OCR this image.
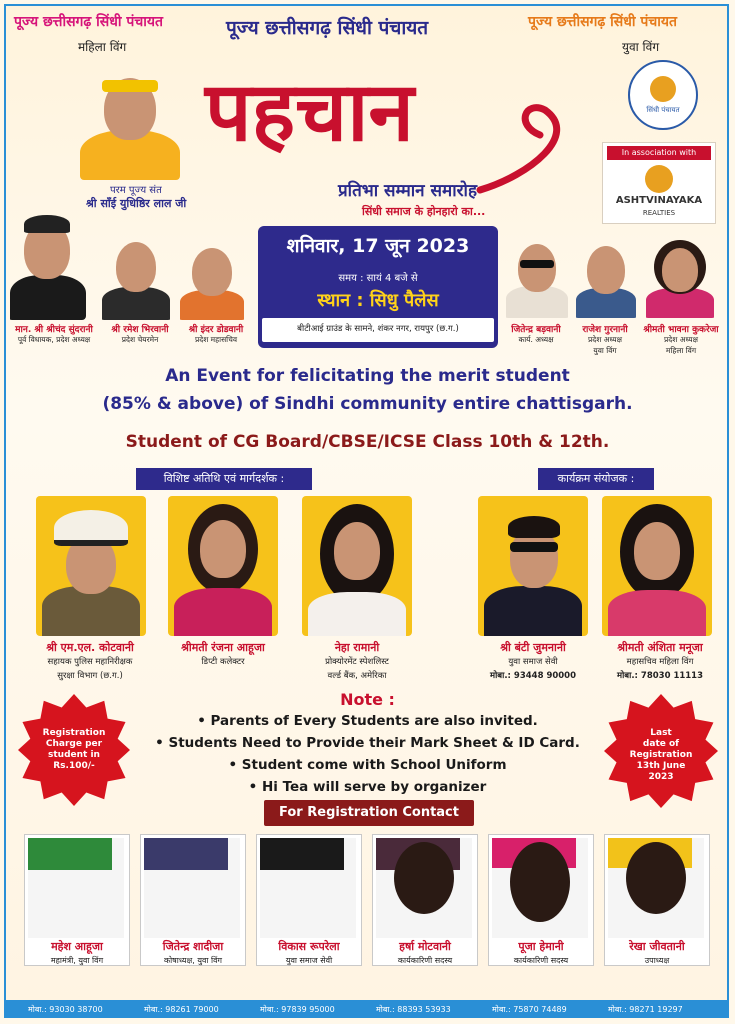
पूज्य छत्तीसगढ़ सिंधी पंचायत
महिला विंग
पूज्य छत्तीसगढ़ सिंधी पंचायत	पूज्य छत्तीसगढ़ सिंधी पंचायत
युवा विंग
परम पूज्य संत
श्री साँई युधिष्ठिर लाल जी
पहचान
प्रतिभा सम्मान समारोह
सिंधी समाज के होनहारो का...
सिंधी पंचायत
In association with
ASHTVINAYAKA
REALTIES
मान. श्री श्रीचंद सुंदरानी
पूर्व विधायक, प्रदेश अध्यक्ष
श्री रमेश भिरवानी
प्रदेश चेयरमेन
श्री इंदर डोडवानी
प्रदेश महासचिव
शनिवार, 17 जून 2023
समय : सायं 4 बजे से
स्थान : सिधु पैलेस
बीटीआई ग्राउंड के सामने, शंकर नगर, रायपुर (छ.ग.)	जितेन्द्र बड़वानी
कार्य. अध्यक्ष
राजेश गुरनानी
प्रदेश अध्यक्ष
युवा विंग
श्रीमती भावना कुकरेजा
प्रदेश अध्यक्ष
महिला विंग
An Event for felicitating the merit student
(85% & above) of Sindhi community entire chattisgarh.
Student of CG Board/CBSE/ICSE Class 10th & 12th.
विशिष्ट अतिथि एवं मार्गदर्शक :	कार्यक्रम संयोजक :
श्री एम.एल. कोटवानी
सहायक पुलिस महानिरीक्षक
सुरक्षा विभाग (छ.ग.)
श्रीमती रंजना आहूजा
डिप्टी कलेक्टर
नेहा रामानी
प्रोक्योरमेंट स्पेशलिस्ट
वर्ल्ड बैंक, अमेरिका
श्री बंटी जुमनानी
युवा समाज सेवी
मोबा.: 93448 90000
श्रीमती अंशिता मनूजा
महासचिव महिला विंग
मोबा.: 78030 11113
Note :
• Parents of Every Students are also invited.
• Students Need to Provide their Mark Sheet & ID Card.
• Student come with School Uniform
• Hi Tea will serve by organizer
Registration
Charge per
student in
Rs.100/-
Last
date of
Registration
13th June
2023
For Registration Contact
महेश आहूजा
महामंत्री, युवा विंग
जितेन्द्र शादीजा
कोषाध्यक्ष, युवा विंग
विकास रूपरेला
युवा समाज सेवी
हर्षा मोटवानी
कार्यकारिणी सदस्य
पूजा हेमानी
कार्यकारिणी सदस्य
रेखा जीवतानी
उपाध्यक्ष
मोबा.: 93030 38700	मोबा.: 98261 79000	मोबा.: 97839 95000	मोबा.: 88393 53933	मोबा.: 75870 74489	मोबा.: 98271 19297
